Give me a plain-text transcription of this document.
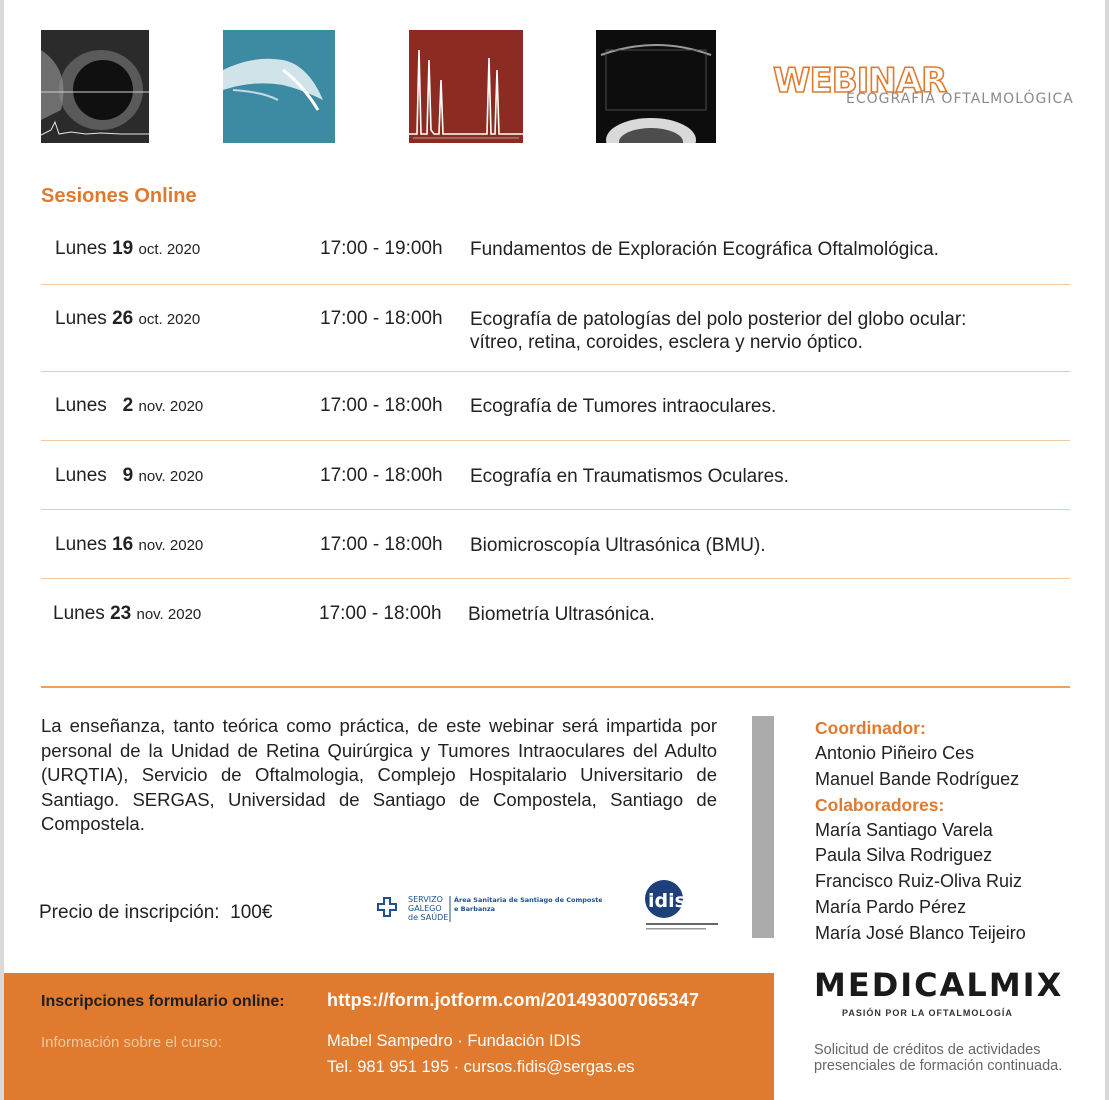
WEBINAR
ECOGRAFÍA OFTALMOLÓGICA
Sesiones Online
Lunes 19 oct. 2020	17:00 - 19:00h Fundamentos de Exploración Ecográfica Oftalmológica.
Lunes 26 oct. 2020	17:00 - 18:00h Ecografía de patologías del polo posterior del globo ocular:
vítreo, retina, coroides, esclera y nervio óptico.
Lunes 2 nov. 2020	17:00 - 18:00h Ecografía de Tumores intraoculares.
Lunes 9 nov. 2020	17:00 - 18:00h Ecografía en Traumatismos Oculares.
Lunes 16 nov. 2020	17:00 - 18:00h Biomicroscopía Ultrasónica (BMU).
Lunes 23 nov. 2020	17:00 - 18:00h Biometría Ultrasónica.
La enseñanza, tanto teórica como práctica, de este webinar será impartida por personal de la Unidad de Retina Quirúrgica y Tumores Intraoculares del Adulto (URQTIA), Servicio de Oftalmologia, Complejo Hospitalario Universitario de Santiago. SERGAS, Universidad de Santiago de Compostela, Santiago de Compostela.
Precio de inscripción: 100€
SERVIZO
GALEGO
de SAÚDE
Área Sanitaria de Santiago de Compostela
e Barbanza	idis
Coordinador:
Antonio Piñeiro Ces
Manuel Bande Rodríguez
Colaboradores:
María Santiago Varela
Paula Silva Rodriguez
Francisco Ruiz-Oliva Ruiz
María Pardo Pérez
María José Blanco Teijeiro
Inscripciones formulario online: https://form.jotform.com/201493007065347
Información sobre el curso:	Mabel Sampedro · Fundación IDIS
Tel. 981 951 195 · cursos.fidis@sergas.es
MEDICALMIX
PASIÓN POR LA OFTALMOLOGÍA
Solicitud de créditos de actividades presenciales de formación continuada.
